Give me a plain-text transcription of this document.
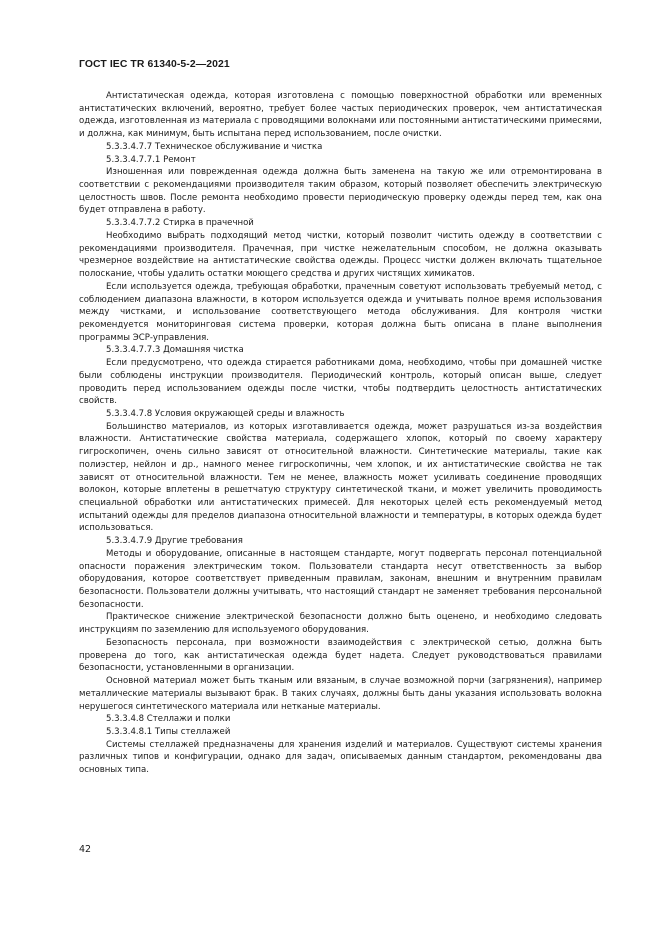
ГОСТ IEC TR 61340-5-2—2021

Антистатическая одежда, которая изготовлена с помощью поверхностной обработки или временных антистатических включений, вероятно, требует более частых периодических проверок, чем антистатическая одежда, изготовленная из материала с проводящими волокнами или постоянными антистатическими примесями, и должна, как минимум, быть испытана перед использованием, после очистки.

5.3.3.4.7.7 Техническое обслуживание и чистка

5.3.3.4.7.7.1 Ремонт

Изношенная или поврежденная одежда должна быть заменена на такую же или отремонтирована в соответствии с рекомендациями производителя таким образом, который позволяет обеспечить электрическую целостность швов. После ремонта необходимо провести периодическую проверку одежды перед тем, как она будет отправлена в работу.

5.3.3.4.7.7.2 Стирка в прачечной

Необходимо выбрать подходящий метод чистки, который позволит чистить одежду в соответствии с рекомендациями производителя. Прачечная, при чистке нежелательным способом, не должна оказывать чрезмерное воздействие на антистатические свойства одежды. Процесс чистки должен включать тщательное полоскание, чтобы удалить остатки моющего средства и других чистящих химикатов.

Если используется одежда, требующая обработки, прачечным советуют использовать требуемый метод, с соблюдением диапазона влажности, в котором используется одежда и учитывать полное время использования между чистками, и использование соответствующего метода обслуживания. Для контроля чистки рекомендуется мониторинговая система проверки, которая должна быть описана в плане выполнения программы ЭСР-управления.

5.3.3.4.7.7.3 Домашняя чистка

Если предусмотрено, что одежда стирается работниками дома, необходимо, чтобы при домашней чистке были соблюдены инструкции производителя. Периодический контроль, который описан выше, следует проводить перед использованием одежды после чистки, чтобы подтвердить целостность антистатических свойств.

5.3.3.4.7.8 Условия окружающей среды и влажность

Большинство материалов, из которых изготавливается одежда, может разрушаться из-за воздействия влажности. Антистатические свойства материала, содержащего хлопок, который по своему характеру гигроскопичен, очень сильно зависят от относительной влажности. Синтетические материалы, такие как полиэстер, нейлон и др., намного менее гигроскопичны, чем хлопок, и их антистатические свойства не так зависят от относительной влажности. Тем не менее, влажность может усиливать соединение проводящих волокон, которые вплетены в решетчатую структуру синтетической ткани, и может увеличить проводимость специальной обработки или антистатических примесей. Для некоторых целей есть рекомендуемый метод испытаний одежды для пределов диапазона относительной влажности и температуры, в которых одежда будет использоваться.

5.3.3.4.7.9 Другие требования

Методы и оборудование, описанные в настоящем стандарте, могут подвергать персонал потенциальной опасности поражения электрическим током. Пользователи стандарта несут ответственность за выбор оборудования, которое соответствует приведенным правилам, законам, внешним и внутренним правилам безопасности. Пользователи должны учитывать, что настоящий стандарт не заменяет требования персональной безопасности.

Практическое снижение электрической безопасности должно быть оценено, и необходимо следовать инструкциям по заземлению для используемого оборудования.

Безопасность персонала, при возможности взаимодействия с электрической сетью, должна быть проверена до того, как антистатическая одежда будет надета. Следует руководствоваться правилами безопасности, установленными в организации.

Основной материал может быть тканым или вязаным, в случае возможной порчи (загрязнения), например металлические материалы вызывают брак. В таких случаях, должны быть даны указания использовать волокна нерушегося синтетического материала или нетканые материалы.

5.3.3.4.8 Стеллажи и полки

5.3.3.4.8.1 Типы стеллажей

Системы стеллажей предназначены для хранения изделий и материалов. Существуют системы хранения различных типов и конфигурации, однако для задач, описываемых данным стандартом, рекомендованы два основных типа.

42
